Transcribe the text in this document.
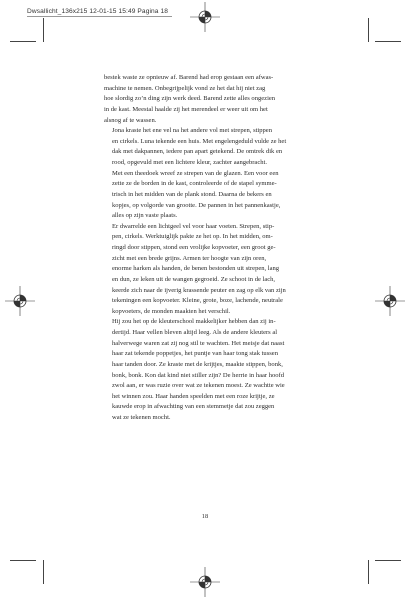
Dwsallicht_136x215 12-01-15 15:49 Pagina 18

bestek waste ze opnieuw af. Barend had erop gestaan een afwas-
machine te nemen. Onbegrijpelijk vond ze het dat hij niet zag
hoe slordig zo’n ding zijn werk deed. Barend zette alles ongezien
in de kast. Meestal haalde zij het merendeel er weer uit om het
alsnog af te wassen.

Jona kraste het ene vel na het andere vol met strepen, stippen
en cirkels. Luna tekende een huis. Met engelengeduld vulde ze het
dak met dakpannen, iedere pan apart getekend. De omtrek dik en
rood, opgevuld met een lichtere kleur, zachter aangebracht.

Met een theedoek wreef ze strepen van de glazen. Een voor een
zette ze de borden in de kast, controleerde of de stapel symme-
trisch in het midden van de plank stond. Daarna de bekers en
kopjes, op volgorde van grootte. De pannen in het pannenkastje,
alles op zijn vaste plaats.

Er dwarrelde een lichtgeel vel voor haar voeten. Strepen, stip-
pen, cirkels. Werktuiglijk pakte ze het op. In het midden, om-
ringd door stippen, stond een vrolijke kopvoeter, een groot ge-
zicht met een brede grijns. Armen ter hoogte van zijn oren,
enorme harken als handen, de benen bestonden uit strepen, lang
en dun, ze leken uit de wangen gegroeid. Ze schoot in de lach,
keerde zich naar de ijverig krassende peuter en zag op elk van zijn
tekeningen een kopvoeter. Kleine, grote, boze, lachende, neutrale
kopvoeters, de monden maakten het verschil.

Hij zou het op de kleuterschool makkelijker hebben dan zij in-
dertijd. Haar vellen bleven altijd leeg. Als de andere kleuters al
halverwege waren zat zij nog stil te wachten. Het meisje dat naast
haar zat tekende poppetjes, het puntje van haar tong stak tussen
haar tanden door. Ze kraste met de krijtjes, maakte stippen, bonk,
bonk, bonk. Kon dat kind niet stiller zijn? De herrie in haar hoofd
zwol aan, er was ruzie over wat ze tekenen moest. Ze wachtte wie
het winnen zou. Haar handen speelden met een roze krijtje, ze
kauwde erop in afwachting van een stemmetje dat zou zeggen
wat ze tekenen mocht.

18
